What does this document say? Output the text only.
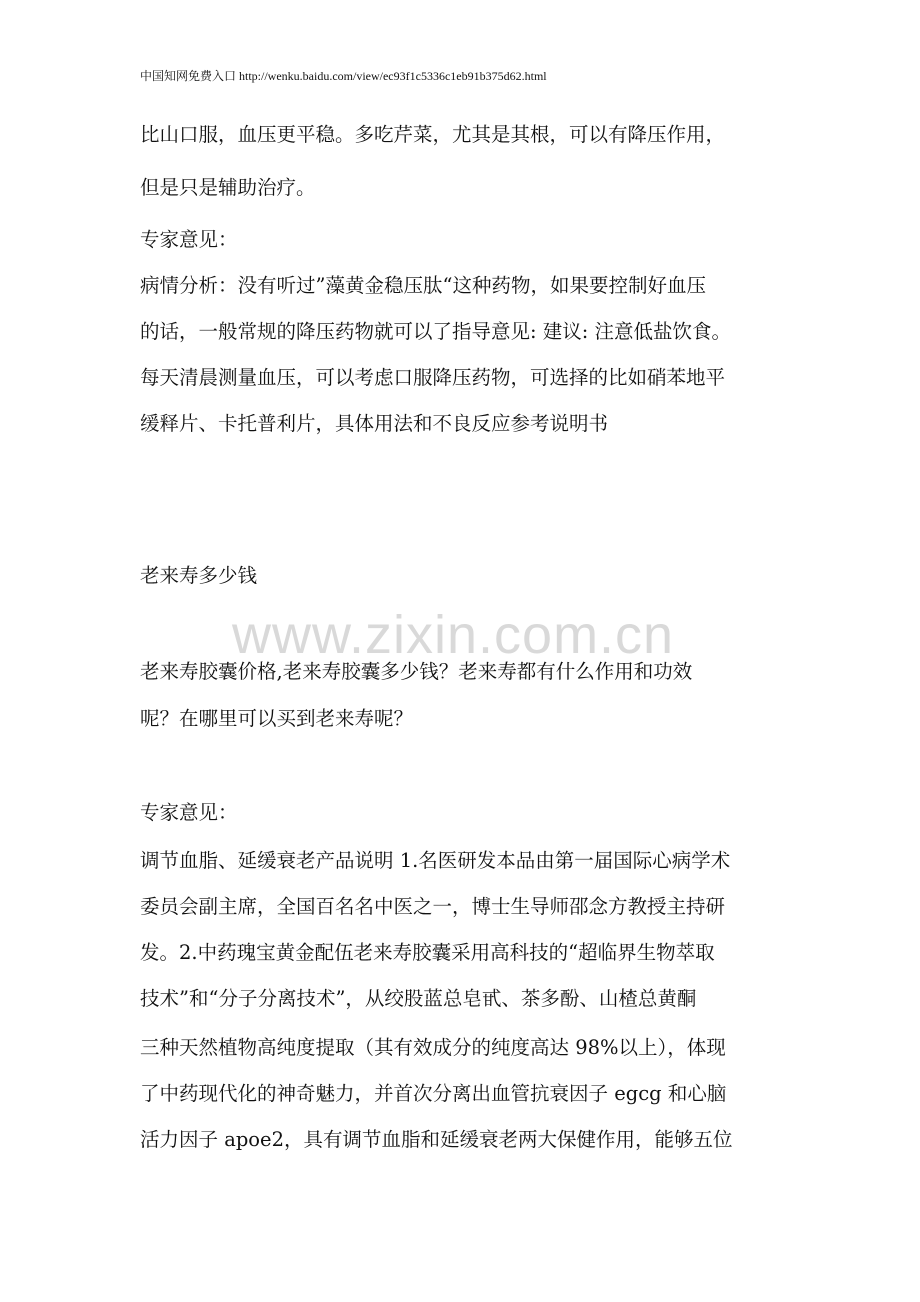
中国知网免费入口 http://wenku.baidu.com/view/ec93f1c5336c1eb91b375d62.html
www.zixin.com.cn
比山口服，血压更平稳。多吃芹菜，尤其是其根，可以有降压作用，
但是只是辅助治疗。
专家意见：
病情分析：没有听过”藻黄金稳压肽“这种药物，如果要控制好血压
的话，一般常规的降压药物就可以了指导意见: 建议: 注意低盐饮食。
每天清晨测量血压，可以考虑口服降压药物，可选择的比如硝苯地平
缓释片、卡托普利片，具体用法和不良反应参考说明书
老来寿多少钱
老来寿胶囊价格,老来寿胶囊多少钱？老来寿都有什么作用和功效
呢？在哪里可以买到老来寿呢？
专家意见：
调节血脂、延缓衰老产品说明 1.名医研发本品由第一届国际心病学术
委员会副主席，全国百名名中医之一，博士生导师邵念方教授主持研
发。2.中药瑰宝黄金配伍老来寿胶囊采用高科技的“超临界生物萃取
技术”和“分子分离技术”，从绞股蓝总皂甙、茶多酚、山楂总黄酮
三种天然植物高纯度提取（其有效成分的纯度高达 98%以上），体现
了中药现代化的神奇魅力，并首次分离出血管抗衰因子 egcg 和心脑
活力因子 apoe2，具有调节血脂和延缓衰老两大保健作用，能够五位
